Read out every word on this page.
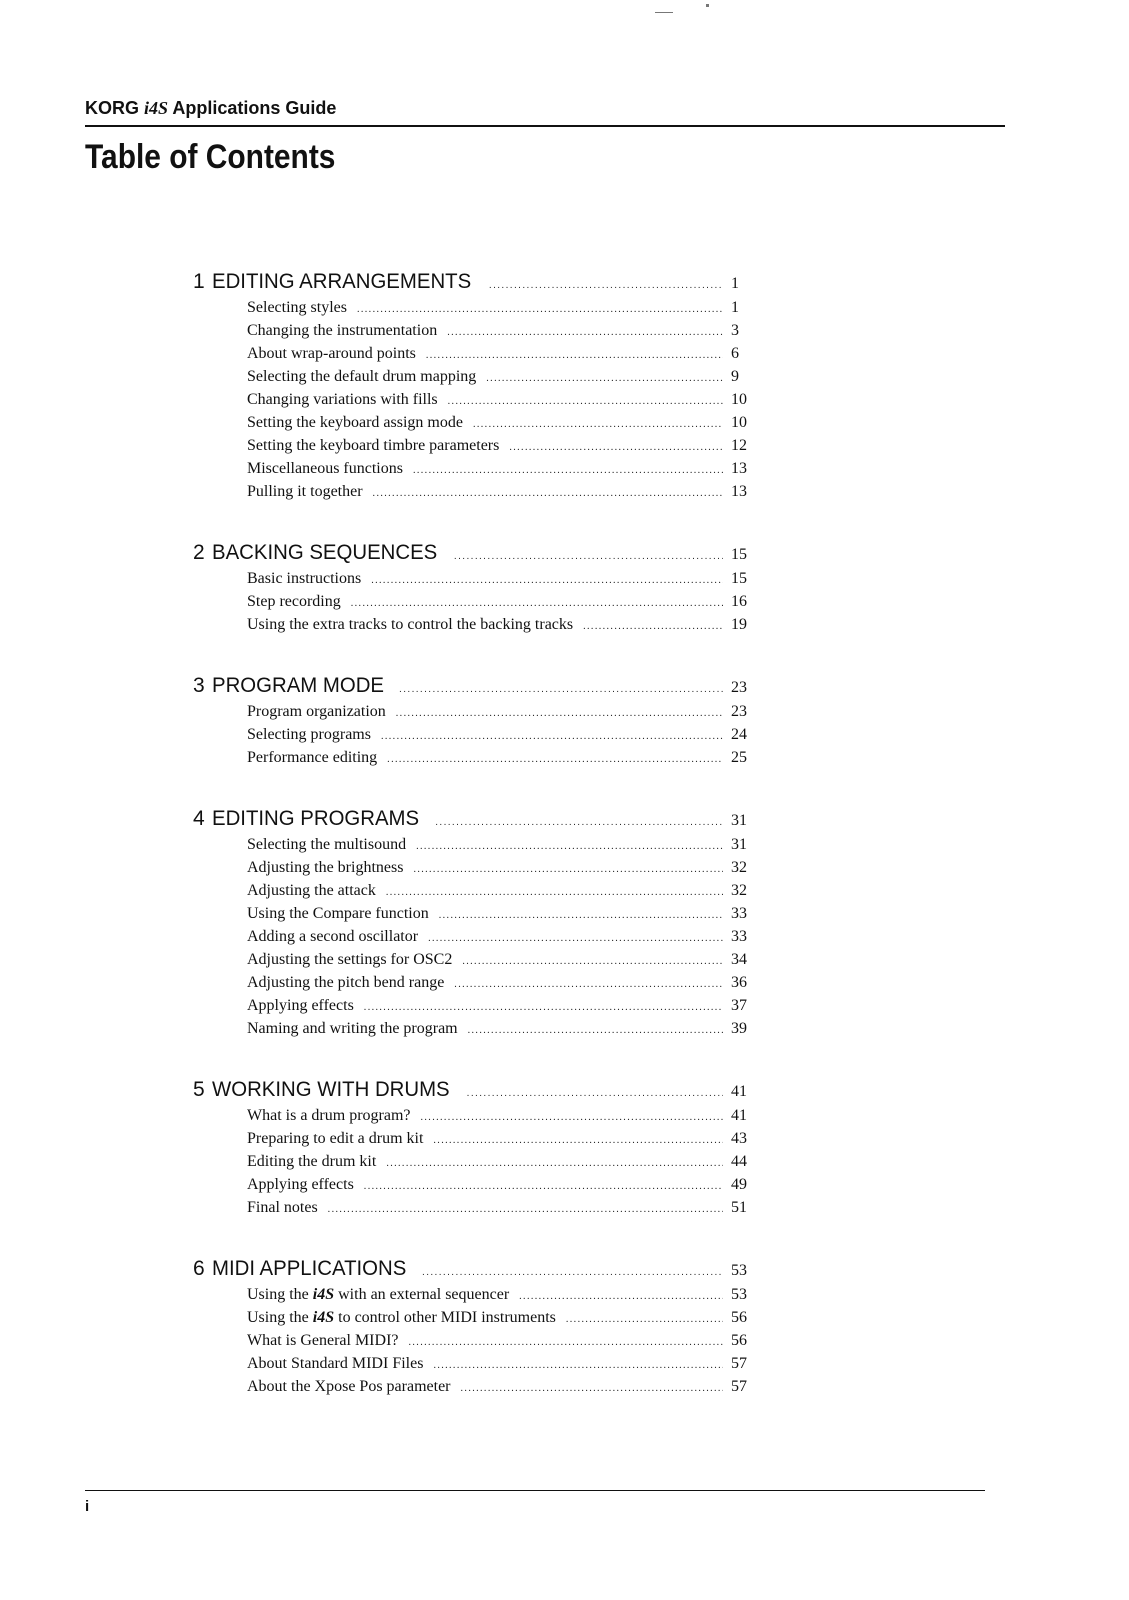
KORG i4S Applications Guide
Table of Contents
1 EDITING ARRANGEMENTS .....	1
Selecting styles .....	1
Changing the instrumentation .....	3
About wrap-around points .....	6
Selecting the default drum mapping .....	9
Changing variations with fills .....	10
Setting the keyboard assign mode .....	10
Setting the keyboard timbre parameters .....	12
Miscellaneous functions .....	13
Pulling it together .....	13
2 BACKING SEQUENCES .....	15
Basic instructions .....	15
Step recording .....	16
Using the extra tracks to control the backing tracks .....	19
3 PROGRAM MODE .....	23
Program organization .....	23
Selecting programs .....	24
Performance editing .....	25
4 EDITING PROGRAMS .....	31
Selecting the multisound .....	31
Adjusting the brightness .....	32
Adjusting the attack .....	32
Using the Compare function .....	33
Adding a second oscillator .....	33
Adjusting the settings for OSC2 .....	34
Adjusting the pitch bend range .....	36
Applying effects .....	37
Naming and writing the program .....	39
5 WORKING WITH DRUMS .....	41
What is a drum program? .....	41
Preparing to edit a drum kit .....	43
Editing the drum kit .....	44
Applying effects .....	49
Final notes .....	51
6 MIDI APPLICATIONS .....	53
Using the i4S with an external sequencer .....	53
Using the i4S to control other MIDI instruments .....	56
What is General MIDI? .....	56
About Standard MIDI Files .....	57
About the Xpose Pos parameter .....	57
i
